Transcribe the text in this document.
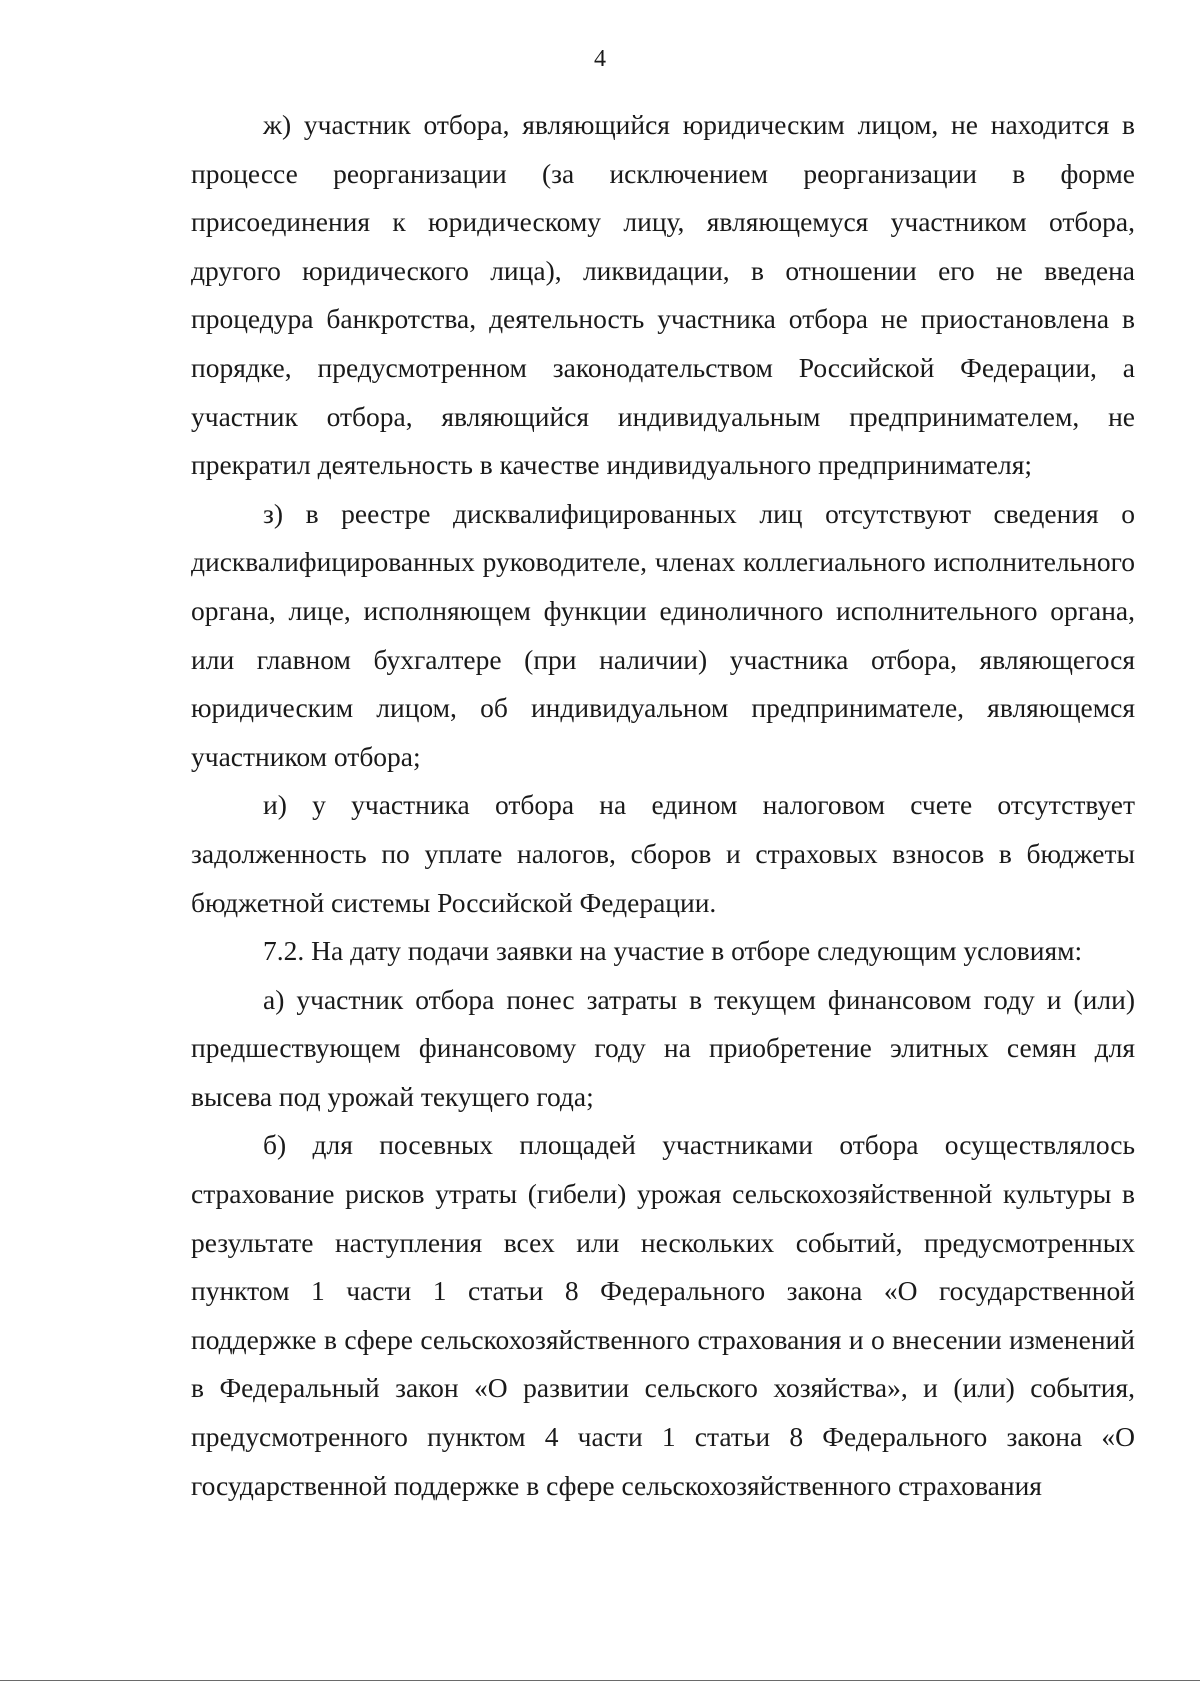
4

ж) участник отбора, являющийся юридическим лицом, не находится в процессе реорганизации (за исключением реорганизации в форме присоединения к юридическому лицу, являющемуся участником отбора, другого юридического лица), ликвидации, в отношении его не введена процедура банкротства, деятельность участника отбора не приостановлена в порядке, предусмотренном законодательством Российской Федерации, а участник отбора, являющийся индивидуальным предпринимателем, не прекратил деятельность в качестве индивидуального предпринимателя;

з) в реестре дисквалифицированных лиц отсутствуют сведения о дисквалифицированных руководителе, членах коллегиального исполнительного органа, лице, исполняющем функции единоличного исполнительного органа, или главном бухгалтере (при наличии) участника отбора, являющегося юридическим лицом, об индивидуальном предпринимателе, являющемся участником отбора;

и) у участника отбора на едином налоговом счете отсутствует задолженность по уплате налогов, сборов и страховых взносов в бюджеты бюджетной системы Российской Федерации.

7.2. На дату подачи заявки на участие в отборе следующим условиям:

а) участник отбора понес затраты в текущем финансовом году и (или) предшествующем финансовому году на приобретение элитных семян для высева под урожай текущего года;

б) для посевных площадей участниками отбора осуществлялось страхование рисков утраты (гибели) урожая сельскохозяйственной культуры в результате наступления всех или нескольких событий, предусмотренных пунктом 1 части 1 статьи 8 Федерального закона «О государственной поддержке в сфере сельскохозяйственного страхования и о внесении изменений в Федеральный закон «О развитии сельского хозяйства», и (или) события, предусмотренного пунктом 4 части 1 статьи 8 Федерального закона «О государственной поддержке в сфере сельскохозяйственного страхования
